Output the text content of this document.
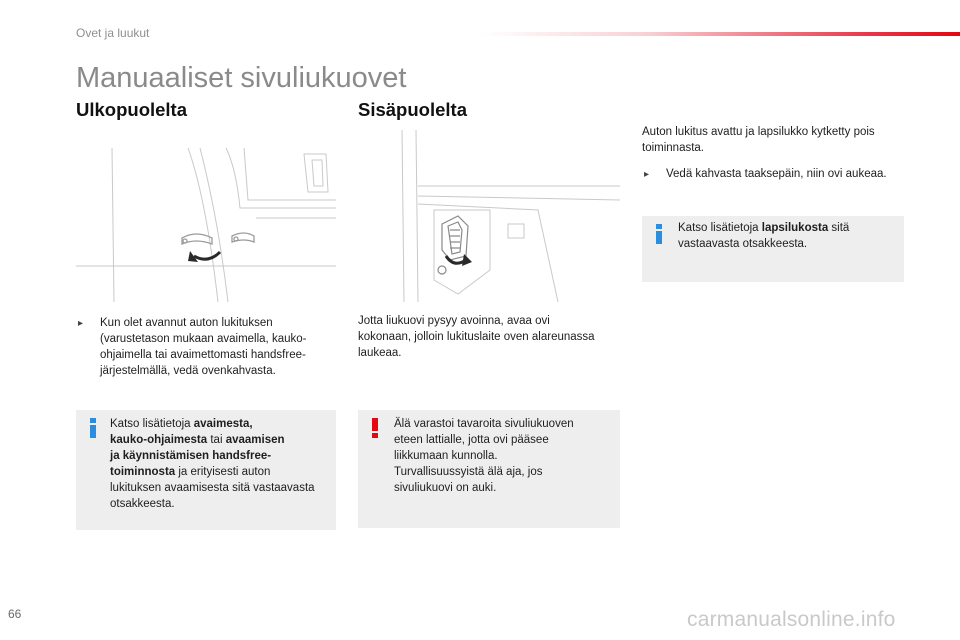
Ovet ja luukut
Manuaaliset sivuliukuovet
Ulkopuolelta	Sisäpuolelta
▸	Kun olet avannut auton lukituksen
(varustetason mukaan avaimella, kauko-
ohjaimella tai avaimettomasti handsfree-
järjestelmällä, vedä ovenkahvasta.
Katso lisätietoja avaimesta,
kauko-ohjaimesta tai avaamisen
ja käynnistämisen handsfree-
toiminnosta ja erityisesti auton
lukituksen avaamisesta sitä vastaavasta
otsakkeesta.
Jotta liukuovi pysyy avoinna, avaa ovi
kokonaan, jolloin lukituslaite oven alareunassa
laukeaa.
Älä varastoi tavaroita sivuliukuoven
eteen lattialle, jotta ovi pääsee
liikkumaan kunnolla.
Turvallisuussyistä älä aja, jos
sivuliukuovi on auki.
Auton lukitus avattu ja lapsilukko kytketty pois
toiminnasta.
▸	Vedä kahvasta taaksepäin, niin ovi aukeaa.
Katso lisätietoja lapsilukosta sitä
vastaavasta otsakkeesta.
66	carmanualsonline.info
